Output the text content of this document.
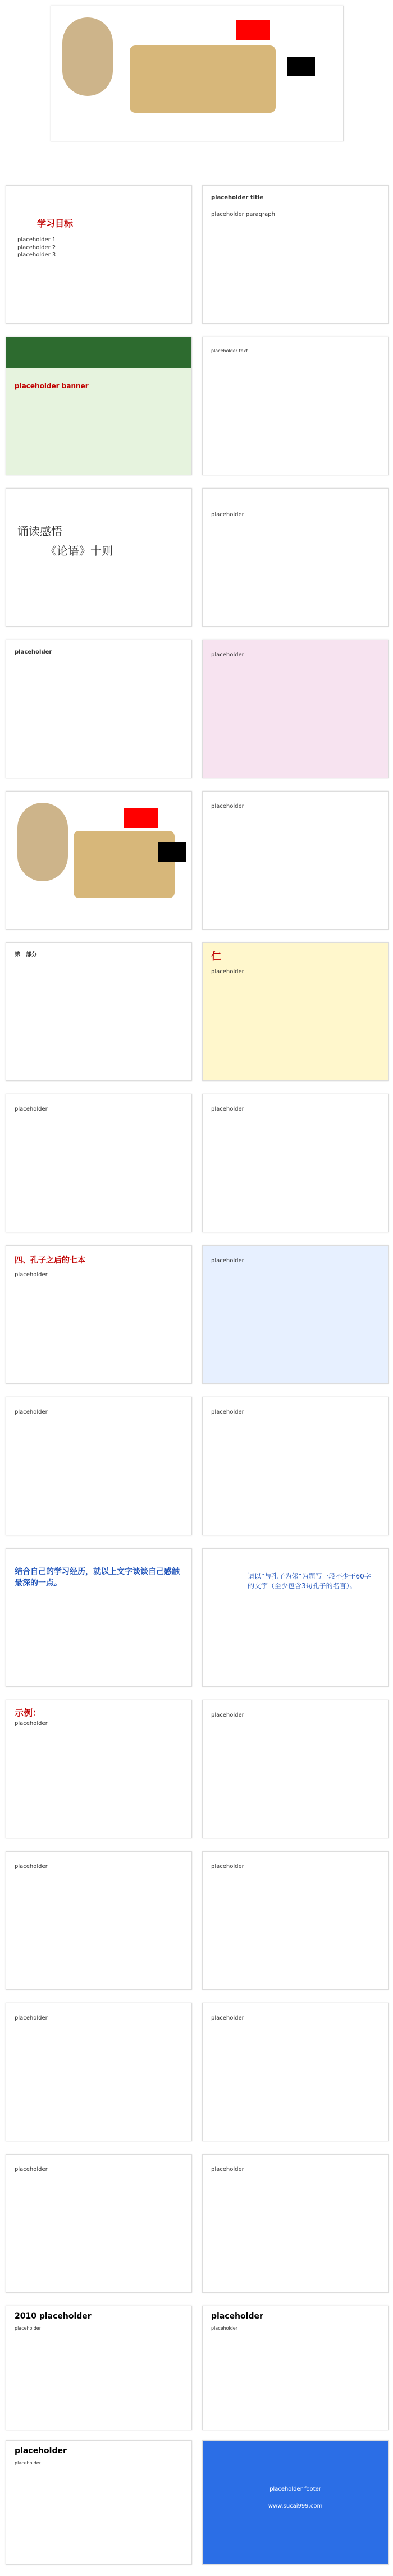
学习目标
placeholder 1
placeholder 2
placeholder 3
placeholder title
placeholder paragraph
placeholder banner
placeholder text
诵读感悟
《论语》十则
placeholder
placeholder	placeholder
placeholder
第一部分	仁
placeholder
placeholder	placeholder
四、孔子之后的七本
placeholder
placeholder
placeholder	placeholder
结合自己的学习经历，就以上文字谈谈自己感触最深的一点。
请以“与孔子为邻”为题写一段不少于60字的文字（至少包含3句孔子的名言）。
示例：
placeholder
placeholder
placeholder	placeholder
placeholder	placeholder
placeholder	placeholder
2010 placeholder
placeholder
placeholder
placeholder
placeholder
placeholder
placeholder footer
www.sucai999.com
